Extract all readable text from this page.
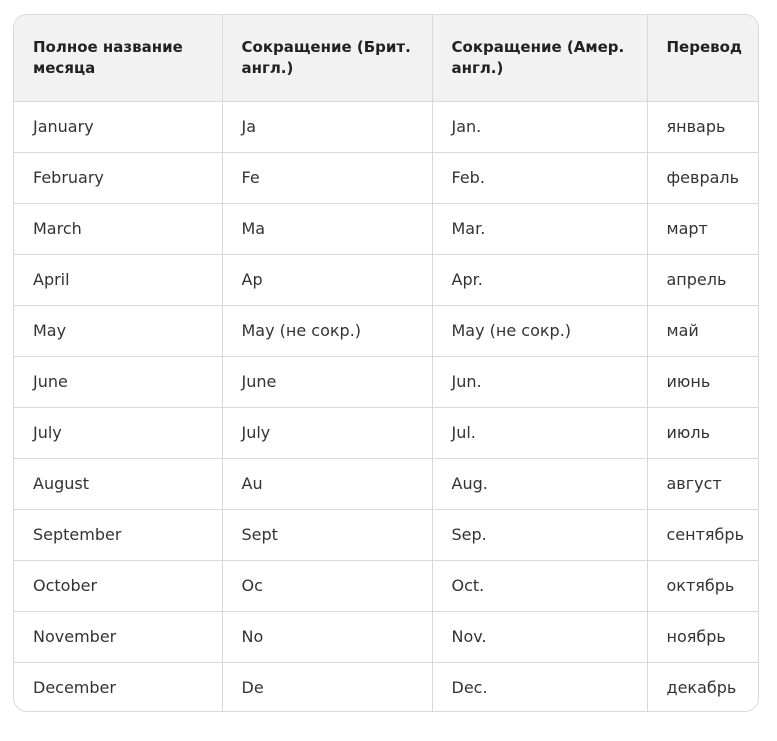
Полное название месяца	Сокращение (Брит. англ.)	Сокращение (Амер. англ.)	Перевод
January	Ja	Jan.	январь
February	Fe	Feb.	февраль
March	Ma	Mar.	март
April	Ap	Apr.	апрель
May	May (не сокр.)	May (не сокр.)	май
June	June	Jun.	июнь
July	July	Jul.	июль
August	Au	Aug.	август
September	Sept	Sep.	сентябрь
October	Oc	Oct.	октябрь
November	No	Nov.	ноябрь
December	De	Dec.	декабрь
